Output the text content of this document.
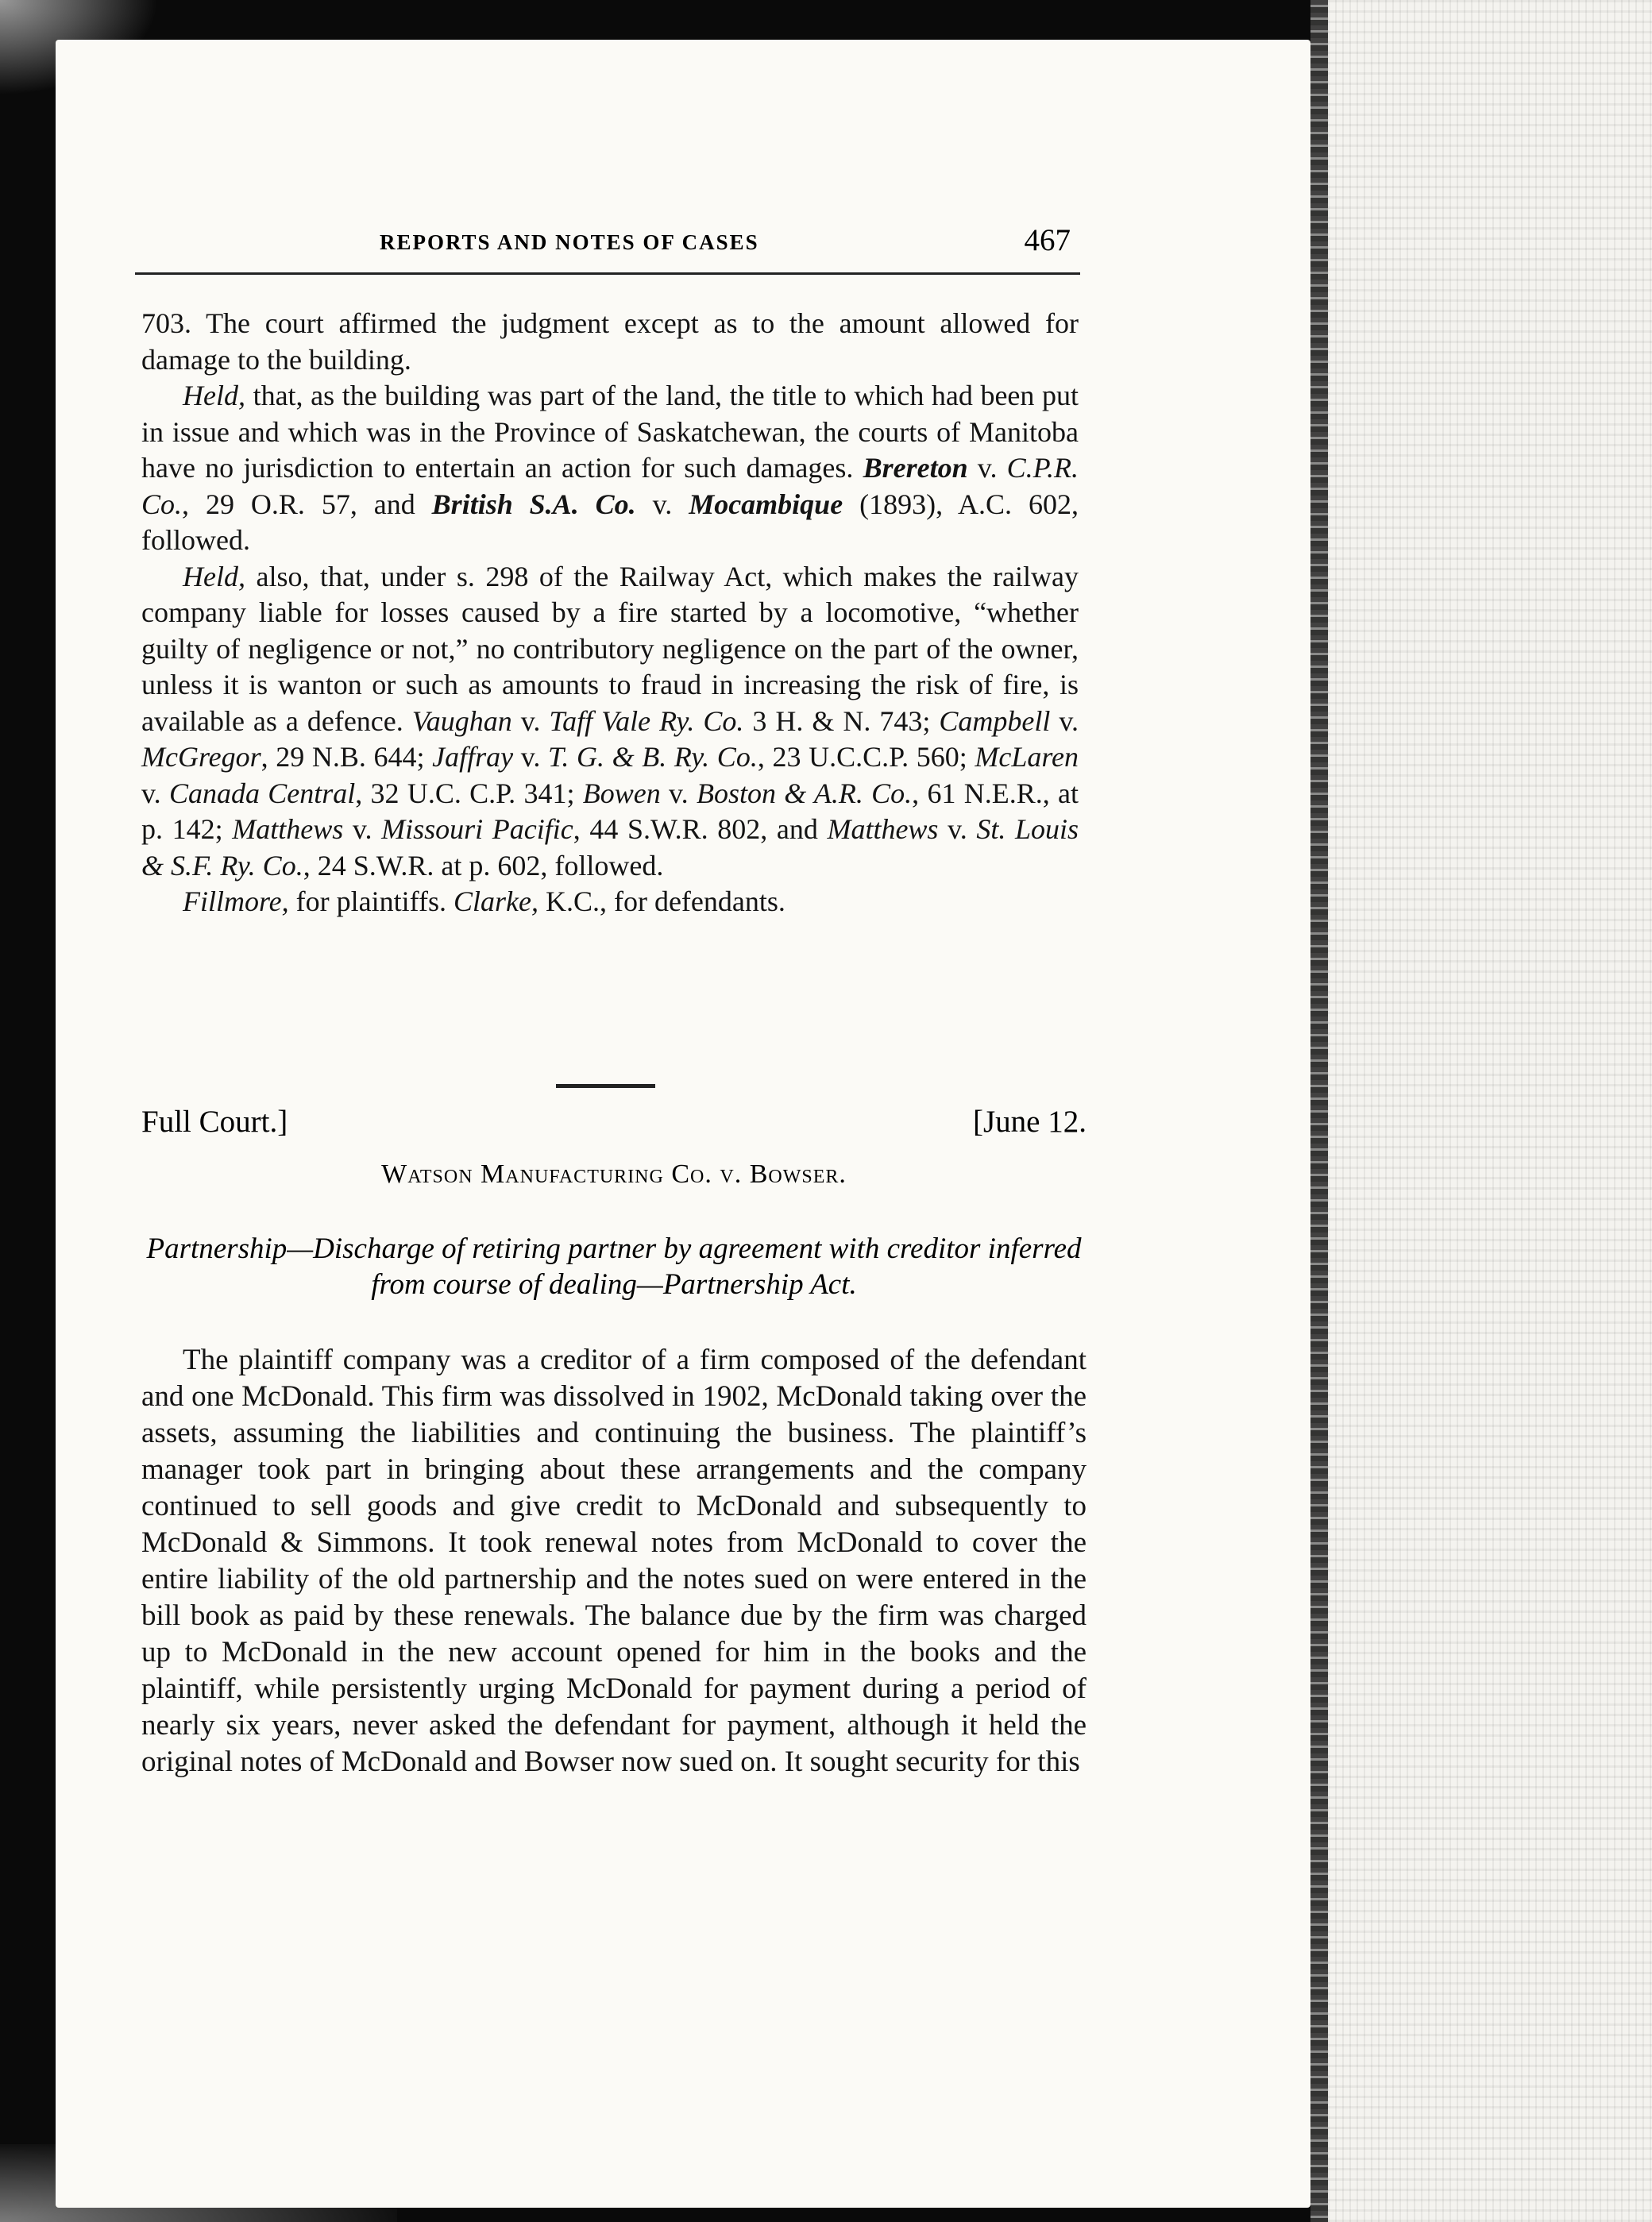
REPORTS AND NOTES OF CASES	467

703. The court affirmed the judgment except as to the amount allowed for damage to the building.

Held, that, as the building was part of the land, the title to which had been put in issue and which was in the Province of Saskatchewan, the courts of Manitoba have no jurisdiction to entertain an action for such damages. Brereton v. C.P.R. Co., 29 O.R. 57, and British S.A. Co. v. Mocambique (1893), A.C. 602, followed.

Held, also, that, under s. 298 of the Railway Act, which makes the railway company liable for losses caused by a fire started by a locomotive, “whether guilty of negligence or not,” no contributory negligence on the part of the owner, unless it is wanton or such as amounts to fraud in increasing the risk of fire, is available as a defence. Vaughan v. Taff Vale Ry. Co. 3 H. & N. 743; Campbell v. McGregor, 29 N.B. 644; Jaffray v. T. G. & B. Ry. Co., 23 U.C.C.P. 560; McLaren v. Canada Central, 32 U.C. C.P. 341; Bowen v. Boston & A.R. Co., 61 N.E.R., at p. 142; Matthews v. Missouri Pacific, 44 S.W.R. 802, and Matthews v. St. Louis & S.F. Ry. Co., 24 S.W.R. at p. 602, followed.

Fillmore, for plaintiffs. Clarke, K.C., for defendants.

Full Court.]	[June 12.
Watson Manufacturing Co. v. Bowser.
Partnership—Discharge of retiring partner by agreement with creditor inferred from course of dealing—Partnership Act.

The plaintiff company was a creditor of a firm composed of the defendant and one McDonald. This firm was dissolved in 1902, McDonald taking over the assets, assuming the liabilities and continuing the business. The plaintiff’s manager took part in bringing about these arrangements and the company continued to sell goods and give credit to McDonald and subsequently to McDonald & Simmons. It took renewal notes from McDonald to cover the entire liability of the old partnership and the notes sued on were entered in the bill book as paid by these renewals. The balance due by the firm was charged up to McDonald in the new account opened for him in the books and the plaintiff, while persistently urging McDonald for payment during a period of nearly six years, never asked the defendant for payment, although it held the original notes of McDonald and Bowser now sued on. It sought security for this
